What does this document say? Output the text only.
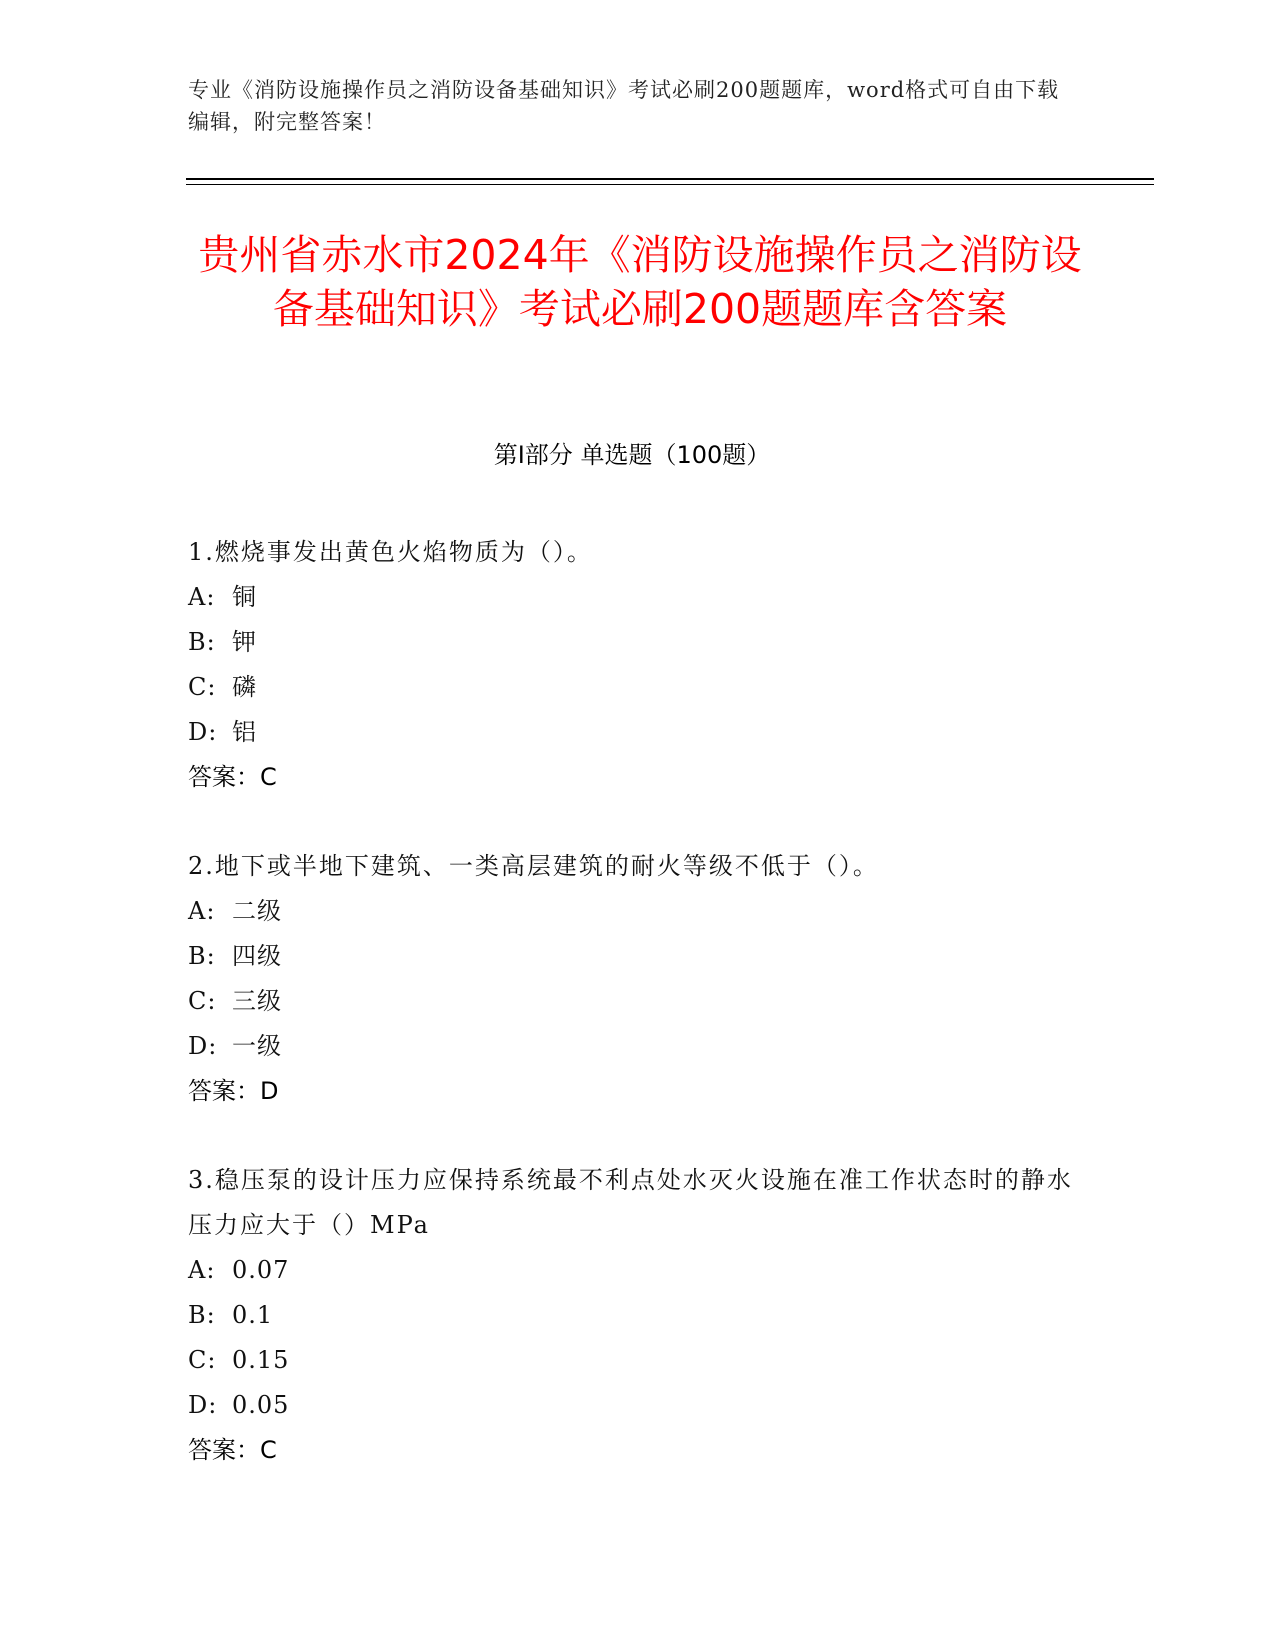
专业《消防设施操作员之消防设备基础知识》考试必刷200题题库，word格式可自由下载编辑，附完整答案！
贵州省赤水市2024年《消防设施操作员之消防设备基础知识》考试必刷200题题库含答案
第I部分 单选题（100题）
1.燃烧事发出黄色火焰物质为（）。
A: 铜
B: 钾
C: 磷
D: 铝
答案：C
2.地下或半地下建筑、一类高层建筑的耐火等级不低于（）。
A: 二级
B: 四级
C: 三级
D: 一级
答案：D
3.稳压泵的设计压力应保持系统最不利点处水灭火设施在准工作状态时的静水压力应大于（）MPa
A: 0.07
B: 0.1
C: 0.15
D: 0.05
答案：C
